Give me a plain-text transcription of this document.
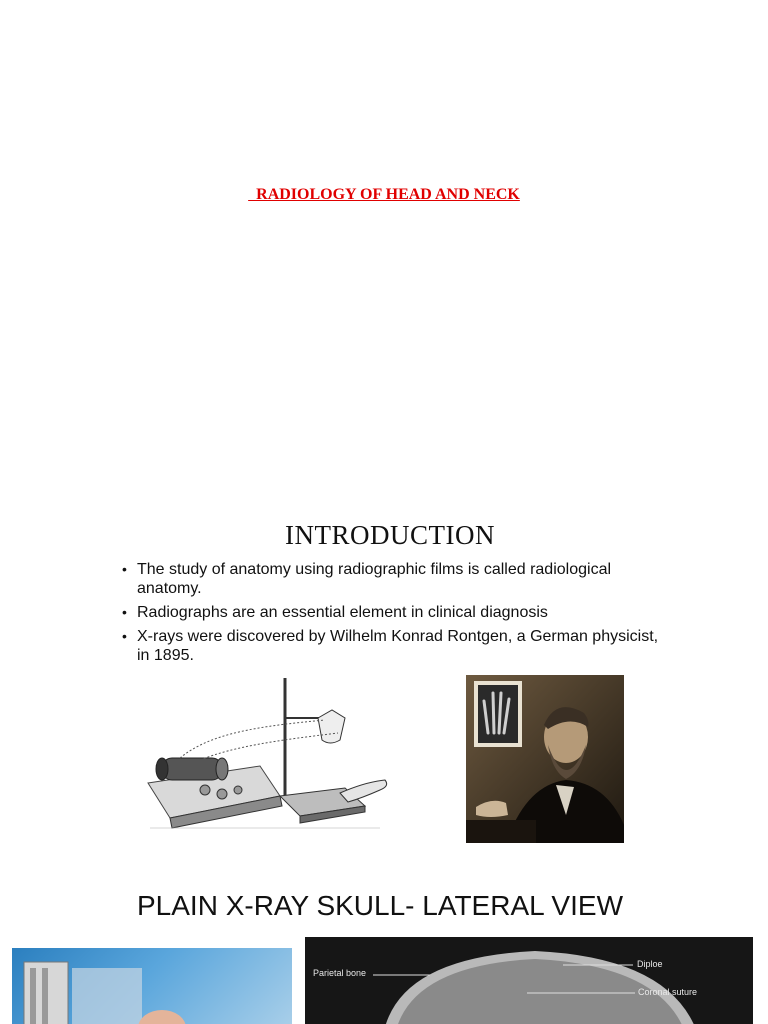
RADIOLOGY OF HEAD AND NECK
INTRODUCTION
• The study of anatomy using radiographic films is called radiological anatomy.
• Radiographs are an essential element in clinical diagnosis
• X-rays were discovered by Wilhelm Konrad Rontgen, a German physicist, in 1895.
PLAIN X-RAY SKULL- LATERAL VIEW
Parietal bone
Diploe
Coronal suture
